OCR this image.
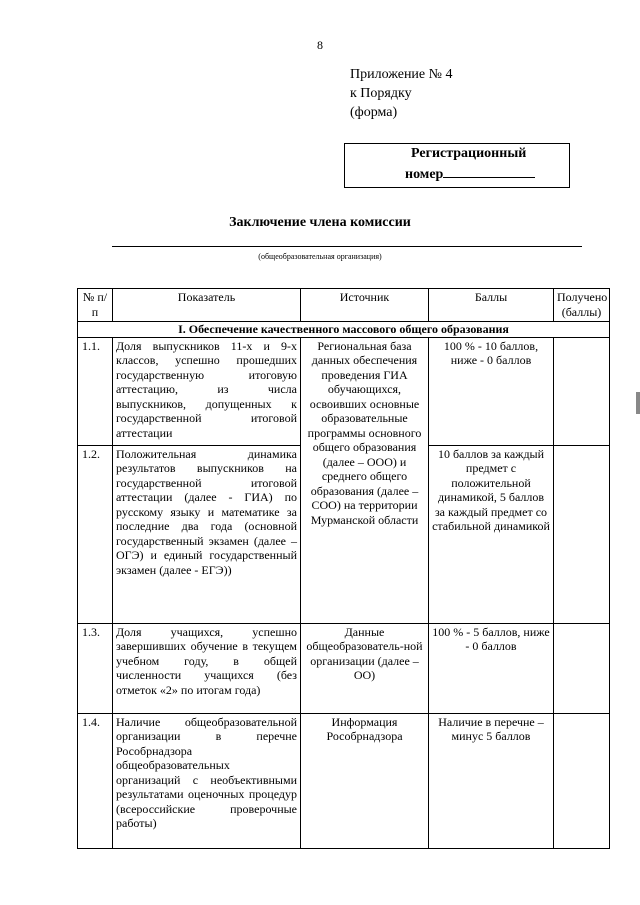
8
Приложение № 4
к Порядку
(форма)
Регистрационный
номер
Заключение члена комиссии
(общеобразовательная организация)
№ п/п	Показатель	Источник	Баллы	Получено (баллы)
I. Обеспечение качественного массового общего образования				
1.1.	Доля выпускников 11-х и 9-х классов, успешно прошедших государственную итоговую аттестацию, из числа выпускников, допущенных к государственной итоговой аттестации	Региональная база данных обеспечения проведения ГИА обучающихся, освоивших основные образовательные программы основного общего образования (далее – ООО) и среднего общего образования (далее – СОО) на территории Мурманской области	100 % - 10 баллов, ниже - 0 баллов	
1.2.	Положительная динамика результатов выпускников на государственной итоговой аттестации (далее - ГИА) по русскому языку и математике за последние два года (основной государственный экзамен (далее – ОГЭ) и единый государственный экзамен (далее - ЕГЭ))		10 баллов за каждый предмет с положительной динамикой, 5 баллов за каждый предмет со стабильной динамикой	
1.3.	Доля учащихся, успешно завершивших обучение в текущем учебном году, в общей численности учащихся (без отметок «2» по итогам года)	Данные общеобразователь-ной организации (далее – ОО)	100 % - 5 баллов, ниже - 0 баллов	
1.4.	Наличие общеобразовательной организации в перечне Рособрнадзора общеобразовательных организаций с необъективными результатами оценочных процедур (всероссийские проверочные работы)	Информация Рособрнадзора	Наличие в перечне – минус 5 баллов	
